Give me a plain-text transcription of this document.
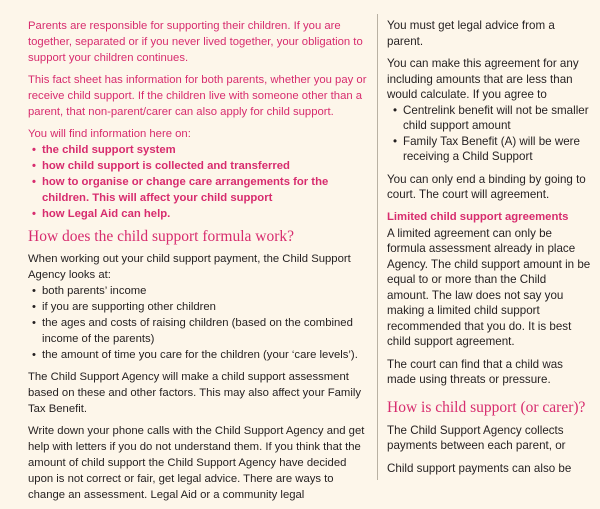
Parents are responsible for supporting their children. If you are together, separated or if you never lived together, your obligation to support your children continues.

This fact sheet has information for both parents, whether you pay or receive child support. If the children live with someone other than a parent, that non-parent/carer can also apply for child support.

You will find information here on:

• the child support system
• how child support is collected and transferred
• how to organise or change care arrangements for the children. This will affect your child support
• how Legal Aid can help.
How does the child support formula work?

When working out your child support payment, the Child Support Agency looks at:

• both parents’ income
• if you are supporting other children
• the ages and costs of raising children (based on the combined income of the parents)
• the amount of time you care for the children (your ‘care levels’).

The Child Support Agency will make a child support assessment based on these and other factors. This may also affect your Family Tax Benefit.

Write down your phone calls with the Child Support Agency and get help with letters if you do not understand them. If you think that the amount of child support the Child Support Agency have decided upon is not correct or fair, get legal advice. There are ways to change an assessment. Legal Aid or a community legal

You must get legal advice from a parent.

You can make this agreement for any including amounts that are less than would calculate. If you agree to

• Centrelink benefit will not be smaller child support amount
• Family Tax Benefit (A) will be were receiving a Child Support

You can only end a binding by going to court. The court will agreement.

Limited child support agreements

A limited agreement can only be formula assessment already in place Agency. The child support amount in be equal to or more than the Child amount. The law does not say you making a limited child support recommended that you do. It is best child support agreement.

The court can find that a child was made using threats or pressure.

How is child support (or carer)?

The Child Support Agency collects payments between each parent, or

Child support payments can also be
